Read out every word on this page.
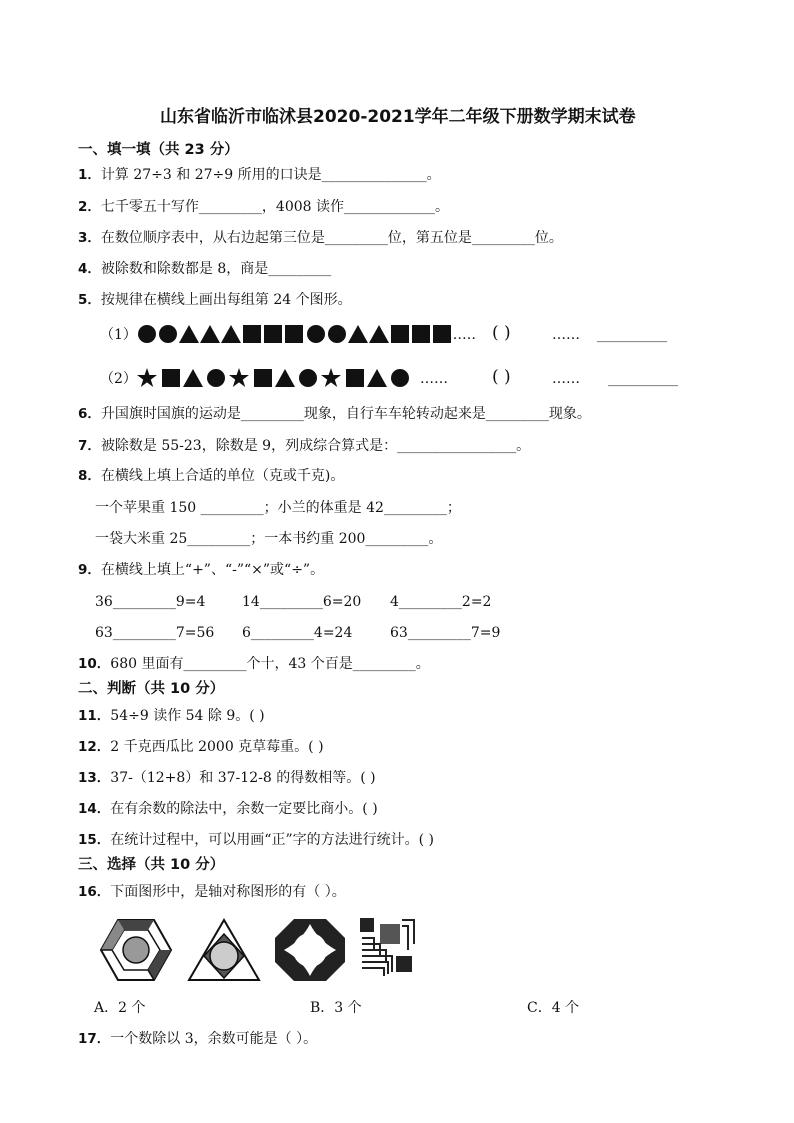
山东省临沂市临沭县2020-2021学年二年级下册数学期末试卷
一、填一填（共 23 分）
1．计算 27÷3 和 27÷9 所用的口诀是_______________。
2．七千零五十写作_________，4008 读作_____________。
3．在数位顺序表中，从右边起第三位是_________位，第五位是_________位。
4．被除数和除数都是 8，商是_________
5．按规律在横线上画出每组第 24 个图形。
（1）	…… ( )	…… __________
（2）	……	( )	…… __________
6．升国旗时国旗的运动是_________现象，自行车车轮转动起来是_________现象。
7．被除数是 55-23，除数是 9，列成综合算式是：_________________。
8．在横线上填上合适的单位（克或千克)。
一个苹果重 150 _________；小兰的体重是 42_________；
一袋大米重 25_________；一本书约重 200_________。
9．在横线上填上“+”、“-”“×”或“÷”。
36_________9=4	14_________6=20 4_________2=2
63_________7=56 6_________4=24	63_________7=9
10．680 里面有_________个十，43 个百是_________。
二、判断（共 10 分）
11．54÷9 读作 54 除 9。( )
12．2 千克西瓜比 2000 克草莓重。( )
13．37-（12+8）和 37-12-8 的得数相等。( )
14．在有余数的除法中，余数一定要比商小。( )
15．在统计过程中，可以用画“正”字的方法进行统计。( )
三、选择（共 10 分）
16．下面图形中，是轴对称图形的有（ ）。
A．2 个	B．3 个	C．4 个
17．一个数除以 3，余数可能是（ ）。
